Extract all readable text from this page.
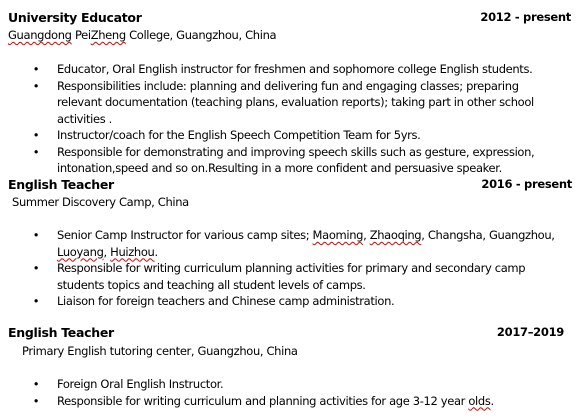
University Educator	2012 - present
Guangdong PeiZheng College, Guangzhou, China
• Educator, Oral English instructor for freshmen and sophomore college English students.
• Responsibilities include: planning and delivering fun and engaging classes; preparing relevant documentation (teaching plans, evaluation reports); taking part in other school activities .
• Instructor/coach for the English Speech Competition Team for 5yrs.
• Responsible for demonstrating and improving speech skills such as gesture, expression, intonation,speed and so on.Resulting in a more confident and persuasive speaker.
English Teacher	2016 - present
Summer Discovery Camp, China
• Senior Camp Instructor for various camp sites; Maoming, Zhaoqing, Changsha, Guangzhou, Luoyang, Huizhou.
• Responsible for writing curriculum planning activities for primary and secondary camp students topics and teaching all student levels of camps.
• Liaison for foreign teachers and Chinese camp administration.
English Teacher	2017–2019
Primary English tutoring center, Guangzhou, China
• Foreign Oral English Instructor.
• Responsible for writing curriculum and planning activities for age 3-12 year olds.
